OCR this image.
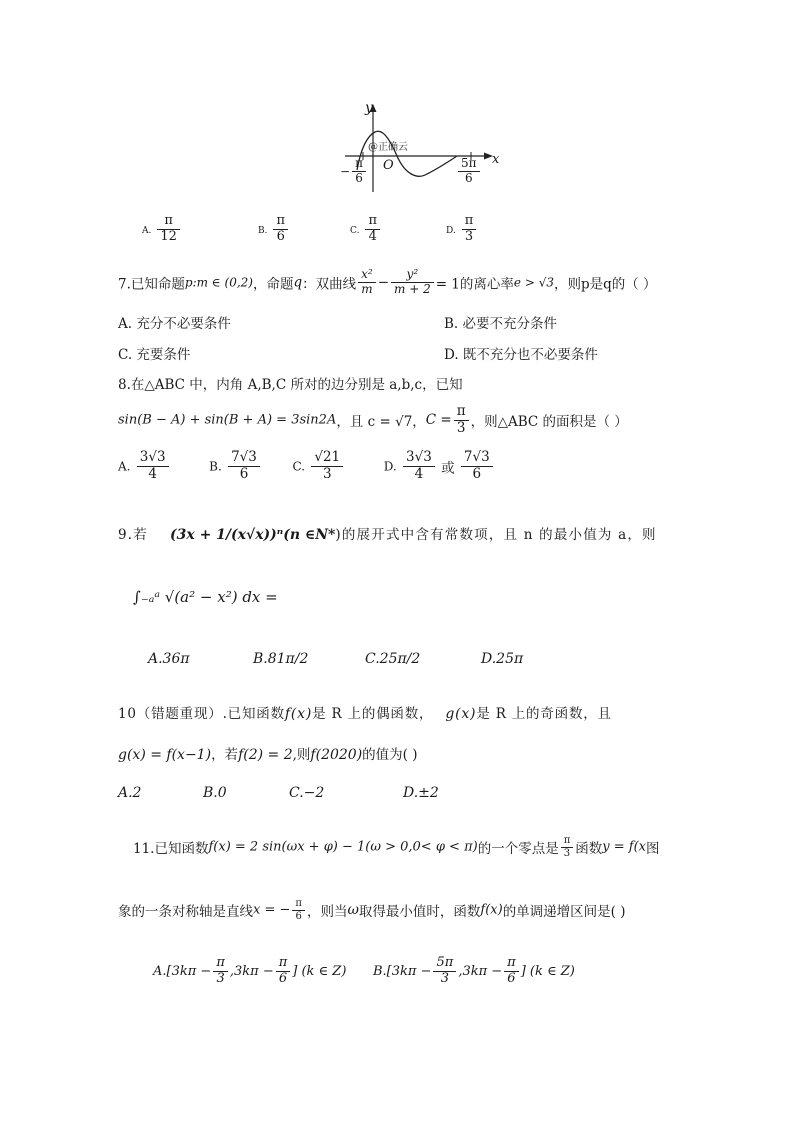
y
@正确云
O	x
− $\frac{\pi}{6}$	$\frac{5\pi}{6}$
A. $\frac{\pi}{12}$	B. $\frac{\pi}{6}$	C. $\frac{\pi}{4}$	D. $\frac{\pi}{3}$
7.已知命题p:m ∈ (0,2)，命题q：双曲线 $\frac{\text{x²}}{m} - \frac{\text{y²}}{m + 2} = 1$的离心率e > √3，则p是q的（ ）
A. 充分不必要条件	B. 必要不充分条件
C. 充要条件	D. 既不充分也不必要条件
8.在△ABC 中，内角 A,B,C 所对的边分别是 a,b,c，已知
sin(B − A) + sin(B + A) = 3sin2A，且 c = √7，$C = \frac{\pi}{3}$ ，则△ABC 的面积是（ ）
A. $\frac{3√3}{4}$	B. $\frac{7√3}{6}$	C. $\frac{√21}{3}$	D. $\frac{3√3}{4}$ 或 $\frac{7√3}{6}$
9.若 (3x + 1/(x√x))ⁿ(n ∈N*)的展开式中含有常数项，且 n 的最小值为 a，则
∫₋ₐᵃ √(a² − x²) dx =
A.36π	B.81π/2	C.25π/2	D.25π
10（错题重现）.已知函数f(x)是 R 上的偶函数， g(x)是 R 上的奇函数，且
g(x) = f(x−1)，若f(2) = 2,则f(2020)的值为( )
A.2	B.0	C.−2	D.±2
11.已知函数f(x) = 2 sin(ωx + φ) − 1(ω > 0,0< φ < π)的一个零点是 $\frac{\pi}{3}$ 函数y = f(x图
象的一条对称轴是直线x = − $\frac{\pi}{6}$ ，则当ω取得最小值时，函数f(x)的单调递增区间是( )
$A.[3k\pi - \frac{\pi}{3} ,3k\pi - \frac{\pi}{6}$ ] (k ∈ Z) $B.[3k\pi - \frac{5\pi}{3} ,3k\pi - \frac{\pi}{6}$ ] (k ∈ Z)
